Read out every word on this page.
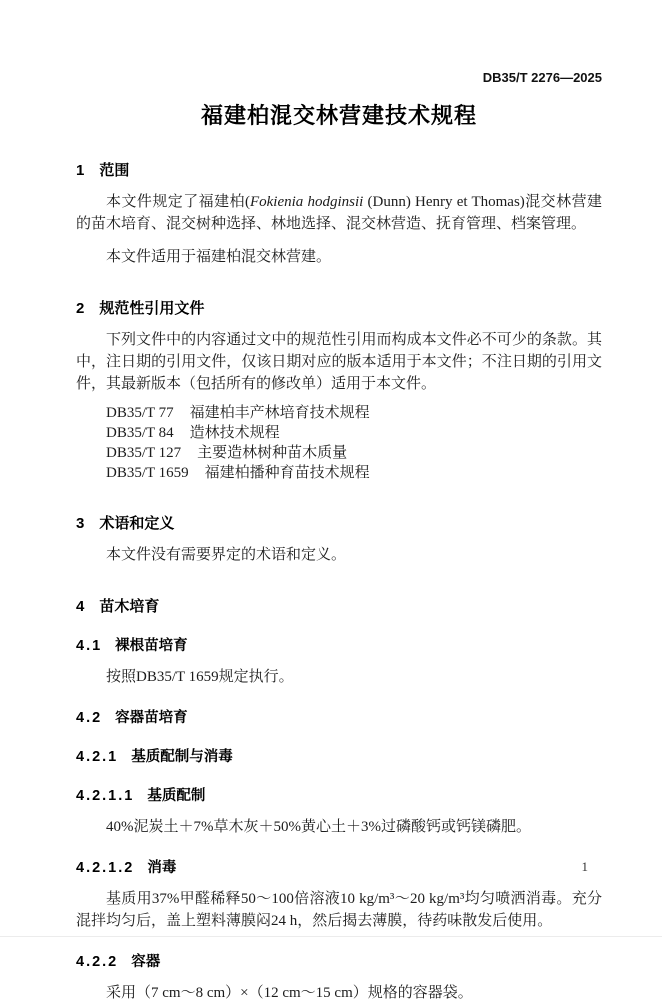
DB35/T 2276—2025
福建柏混交林营建技术规程
1 范围

本文件规定了福建柏(Fokienia hodginsii (Dunn) Henry et Thomas)混交林营建的苗木培育、混交树种选择、林地选择、混交林营造、抚育管理、档案管理。

本文件适用于福建柏混交林营建。

2 规范性引用文件

下列文件中的内容通过文中的规范性引用而构成本文件必不可少的条款。其中，注日期的引用文件，仅该日期对应的版本适用于本文件；不注日期的引用文件，其最新版本（包括所有的修改单）适用于本文件。

DB35/T 77 福建柏丰产林培育技术规程
DB35/T 84 造林技术规程
DB35/T 127 主要造林树种苗木质量
DB35/T 1659 福建柏播种育苗技术规程
3 术语和定义

本文件没有需要界定的术语和定义。

4 苗木培育
4.1 裸根苗培育

按照DB35/T 1659规定执行。

4.2 容器苗培育
4.2.1 基质配制与消毒
4.2.1.1 基质配制

40%泥炭土＋7%草木灰＋50%黄心土＋3%过磷酸钙或钙镁磷肥。

4.2.1.2 消毒

基质用37%甲醛稀释50～100倍溶液10 kg/m³～20 kg/m³均匀喷洒消毒。充分混拌均匀后，盖上塑料薄膜闷24 h，然后揭去薄膜，待药味散发后使用。

4.2.2 容器

采用（7 cm～8 cm）×（12 cm～15 cm）规格的容器袋。

1
